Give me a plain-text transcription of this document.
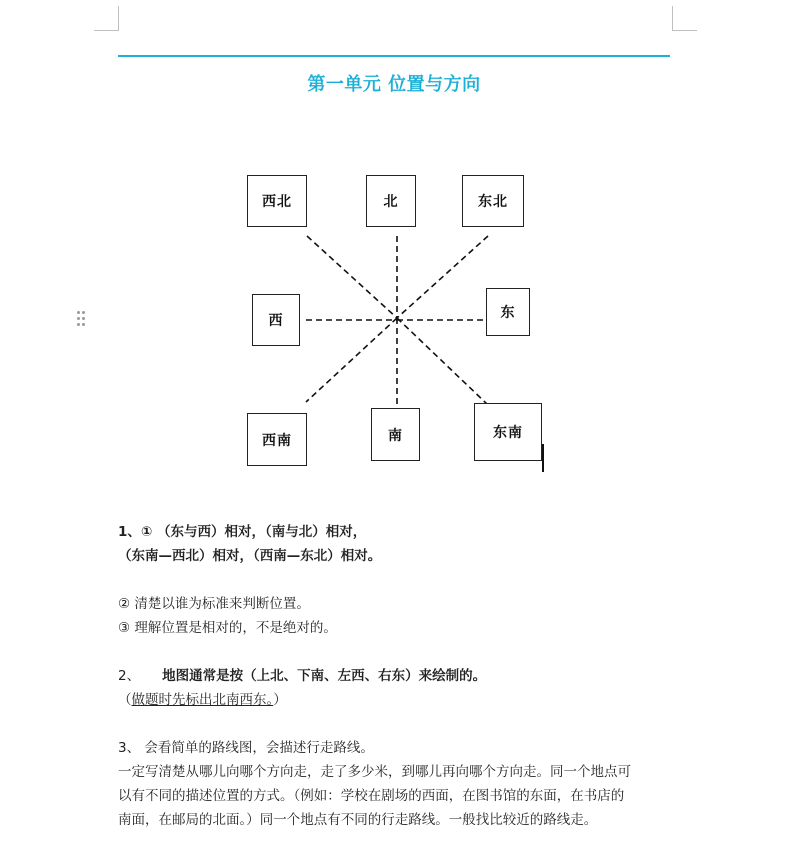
第一单元 位置与方向
西北	北	东北
西	东
西南	南	东南
1、① （东与西）相对，（南与北）相对，
（东南—西北）相对，（西南—东北）相对。
② 清楚以谁为标准来判断位置。
③ 理解位置是相对的，不是绝对的。
2、 地图通常是按（上北、下南、左西、右东）来绘制的。
（做题时先标出北南西东。）
3、 会看简单的路线图，会描述行走路线。
一定写清楚从哪儿向哪个方向走，走了多少米，到哪儿再向哪个方向走。同一个地点可
以有不同的描述位置的方式。（例如：学校在剧场的西面，在图书馆的东面，在书店的
南面，在邮局的北面。）同一个地点有不同的行走路线。一般找比较近的路线走。
